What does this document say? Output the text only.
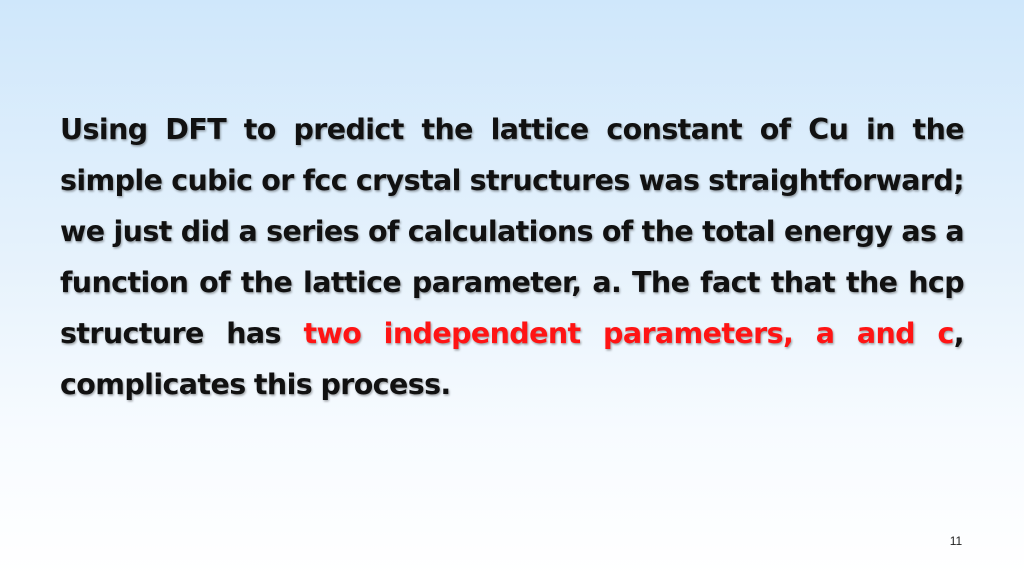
Using DFT to predict the lattice constant of Cu in the simple cubic or fcc crystal structures was straightforward; we just did a series of calculations of the total energy as a function of the lattice parameter, a. The fact that the hcp structure has two independent parameters, a and c, complicates this process.

11
